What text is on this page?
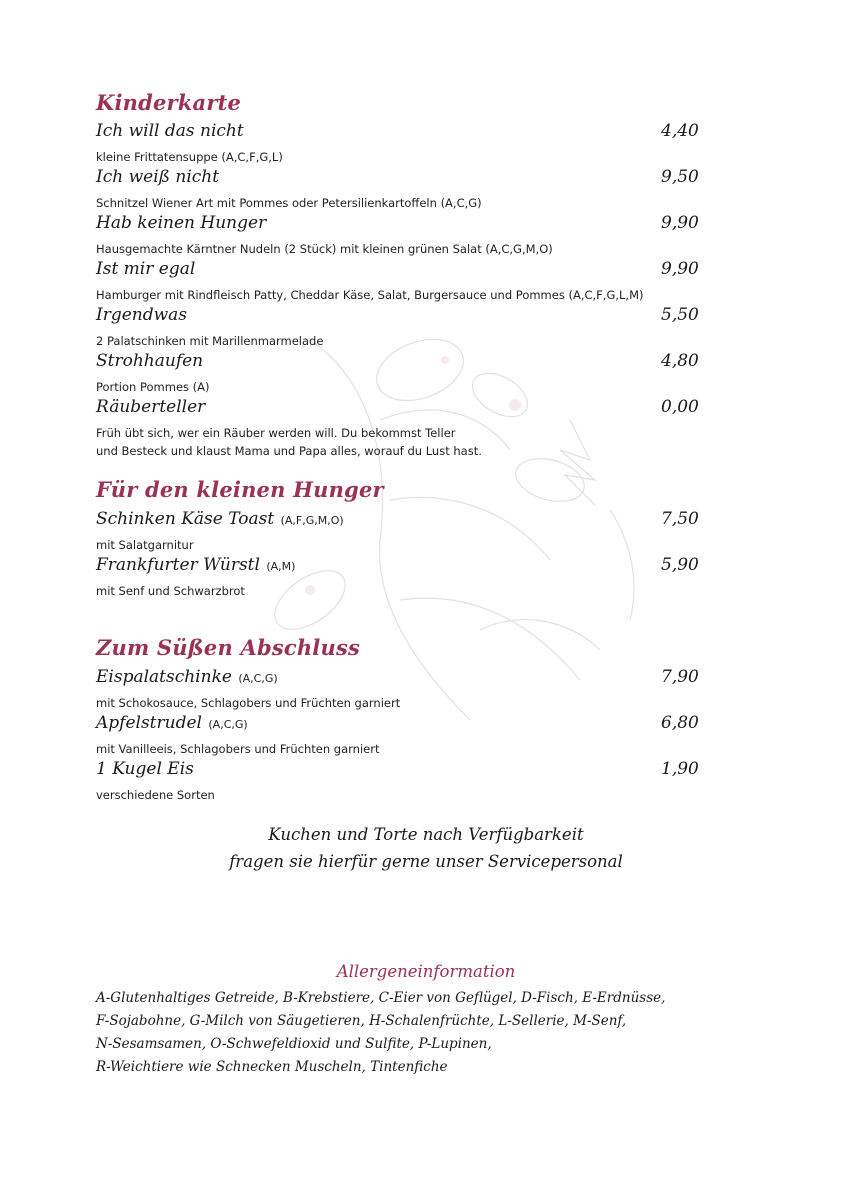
Kinderkarte
Ich will das nicht	4,40
kleine Frittatensuppe (A,C,F,G,L)
Ich weiß nicht	9,50
Schnitzel Wiener Art mit Pommes oder Petersilienkartoffeln (A,C,G)
Hab keinen Hunger	9,90
Hausgemachte Kärntner Nudeln (2 Stück) mit kleinen grünen Salat (A,C,G,M,O)
Ist mir egal	9,90
Hamburger mit Rindfleisch Patty, Cheddar Käse, Salat, Burgersauce und Pommes (A,C,F,G,L,M)
Irgendwas	5,50
2 Palatschinken mit Marillenmarmelade
Strohhaufen	4,80
Portion Pommes (A)
Räuberteller	0,00
Früh übt sich, wer ein Räuber werden will. Du bekommst Teller
und Besteck und klaust Mama und Papa alles, worauf du Lust hast.
Für den kleinen Hunger
Schinken Käse Toast (A,F,G,M,O)	7,50
mit Salatgarnitur
Frankfurter Würstl (A,M)	5,90
mit Senf und Schwarzbrot
Zum Süßen Abschluss
Eispalatschinke (A,C,G)	7,90
mit Schokosauce, Schlagobers und Früchten garniert
Apfelstrudel (A,C,G)	6,80
mit Vanilleeis, Schlagobers und Früchten garniert
1 Kugel Eis	1,90
verschiedene Sorten
Kuchen und Torte nach Verfügbarkeit
fragen sie hierfür gerne unser Servicepersonal
Allergeneinformation
A-Glutenhaltiges Getreide, B-Krebstiere, C-Eier von Geflügel, D-Fisch, E-Erdnüsse,
F-Sojabohne, G-Milch von Säugetieren, H-Schalenfrüchte, L-Sellerie, M-Senf,
N-Sesamsamen, O-Schwefeldioxid und Sulfite, P-Lupinen,
R-Weichtiere wie Schnecken Muscheln, Tintenfiche
